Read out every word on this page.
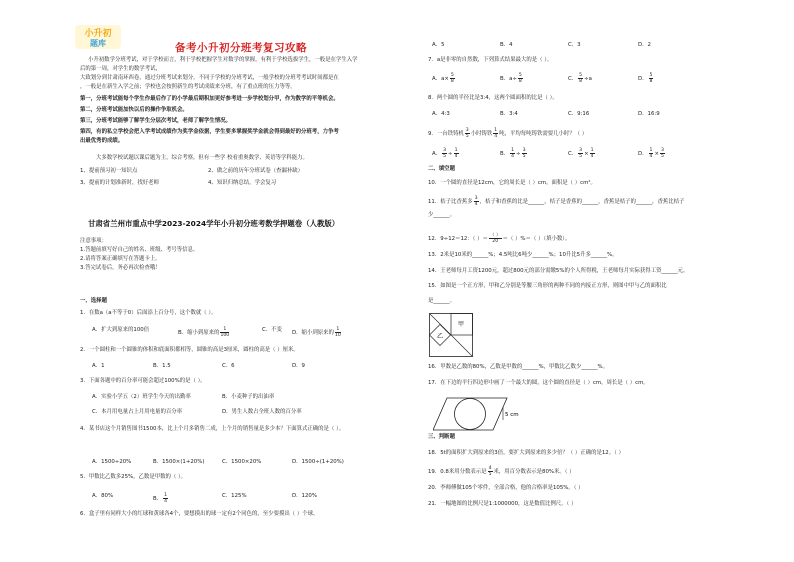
小升初
题库	备考小升初分班考复习攻略
小升初数学分班考试，对于学校而言，利于学校把握学生对数学的掌握，有利于学校选拔学生，一般是在学生入学
后的第一周，对学生的数学考试，
大致划分到甘肃南环西卷，通过分班考试来划分。不同于学校的分班考试，一般学校的分班考考试时间都是在
，一般是在新生入学之前；学校也会按照新生的考试成绩来分班，有了重点班的压力等等。
第一，分班考试能每个学生作最后作了的小学最后期积加更好参考进一步学校划分甲，作为数学的平等机会。
第二，分班考试能加快以后的操作争取机会。
第三，分班考试能够了解学生分层次考试，老师了解学生情况。
第四，有的私立学校会把入学考试成绩作为奖学金依据，学生要多掌握奖学金就会得到最好的分班考，力争考
出最优秀的成绩。
大多数学校试题以课后题为主，综合考察，但有一些学 校看重奥数学、英语等学科能力。
1、提前预习初一知识点	2、做之前的历年分班试卷（查漏补缺）
3、提前的计划准新时，找好老师	4、知识归纳总结，学会复习
甘肃省兰州市重点中学2023-2024学年小升初分班考数学押题卷（人教版）
注意事项：
1.答题前填写好自己的姓名、班级、考号等信息。
2.请将答案正确填写在答题卡上。
3.答完试卷后，务必再次检查哦！
一、选择题
1．在数a（a不等于0）后面添上百分号，这个数就（ ）。
A．扩大到原来的100倍	B．缩小到原来的 $\frac{1}{100}$	C．不变 D．缩小到原来的 $\frac{1}{10}$
2．一个圆柱和一个圆锥的体积和底面积都相等，圆锥的高是3厘米，圆柱的高是（ ）厘米。
A．1	B．1.5	C．6	D．9
3．下面各题中的百分率可能会超过100%的是（ ）。
A．实验小学五（2）班学生今天的出勤率	B．小麦种子的出油率
C．本月用电量占上月用电量的百分率	D．男生人数占全班人数的百分率
4．某书店这个月销售图书1500本，比上个月多销售二成，上个月的销售量是多少本？下面算式正确的是（ ）。
A．1500÷20%	B．1500×(1+20%)	C．1500×20%	D．1500÷(1+20%)
5．甲数比乙数多25%，乙数是甲数的（ ）。
A．80%	B． $\frac{1}{4}$	C．125%	D．120%
6．盒子里有同样大小的红球和黄球各4个，要想摸出的球一定有2个同色的，至少要摸出（ ）个球。
A．5	B．4	C．3	D．2
7．a是非零的自然数，下列算式结果最大的是（ ）。
A．$a\times \frac{5}{8}$	B．$a\div \frac{5}{8}$	C． $\frac{5}{8} \div a$	D． $\frac{5}{8}$
8．两个圆的半径比是3:4，这两个圆面积的比是（ ）。
A．4:3	B．3:4	C．9:16	D．16:9
9．一台铁铸机 $\frac{3}{5}$ 小时铸铁 $\frac{1}{4}$ 吨，平均每吨铸铁需要几小时？（ ）
A． $\frac{3}{5} \div \frac{1}{4}$	B． $\frac{1}{4} \div \frac{3}{5}$	C． $\frac{3}{5} \times \frac{1}{4}$	D． $\frac{1}{4} \times \frac{3}{5}$
二、填空题
10．一个圆的直径是12cm，它的周长是（ ）cm，面积是（ ）cm²。
11．桔子比香蕉多 $\frac{3}{4}$ ，桔子和香蕉的比是______，桔子是香蕉的______，香蕉是桔子的______，香蕉比桔子
少______。
12．9÷12＝12：（ ）＝ $\frac{( )}{20}$ ＝（ ）%＝（ ）（填小数）。
13．2米是10米的______%；4.5吨比6吨少______%；10升比5升多______%。
14．王老师每月工资1200元，超过800元的部分需缴5%的个人所得税，王老师每月实际获得工资______元。
15．如图是一个正方形，甲和乙分别是等腰三角形的两种不同的内接正方形，则图中甲与乙的面积比
是______。
甲
乙
16．甲数是乙数的80%，乙数是甲数的______%，甲数比乙数少______%。
17．在下边的平行四边形中画了一个最大的圆，这个圆的直径是（ ）cm，周长是（ ）cm。
5 cm
三、判断题
18．5t的面积扩大到原来的3倍，要扩大到原来的多少倍？（ ）正确的是12。（ ）
19．0.8米用分数表示是 $\frac{4}{5}$ 米，用百分数表示是80%米。（ ）
20．李师傅做105个零件，全部合格，他的合格率是105%。（ ）
21．一幅地图的比例尺是1:1000000，这是数值比例尺。（ ）
